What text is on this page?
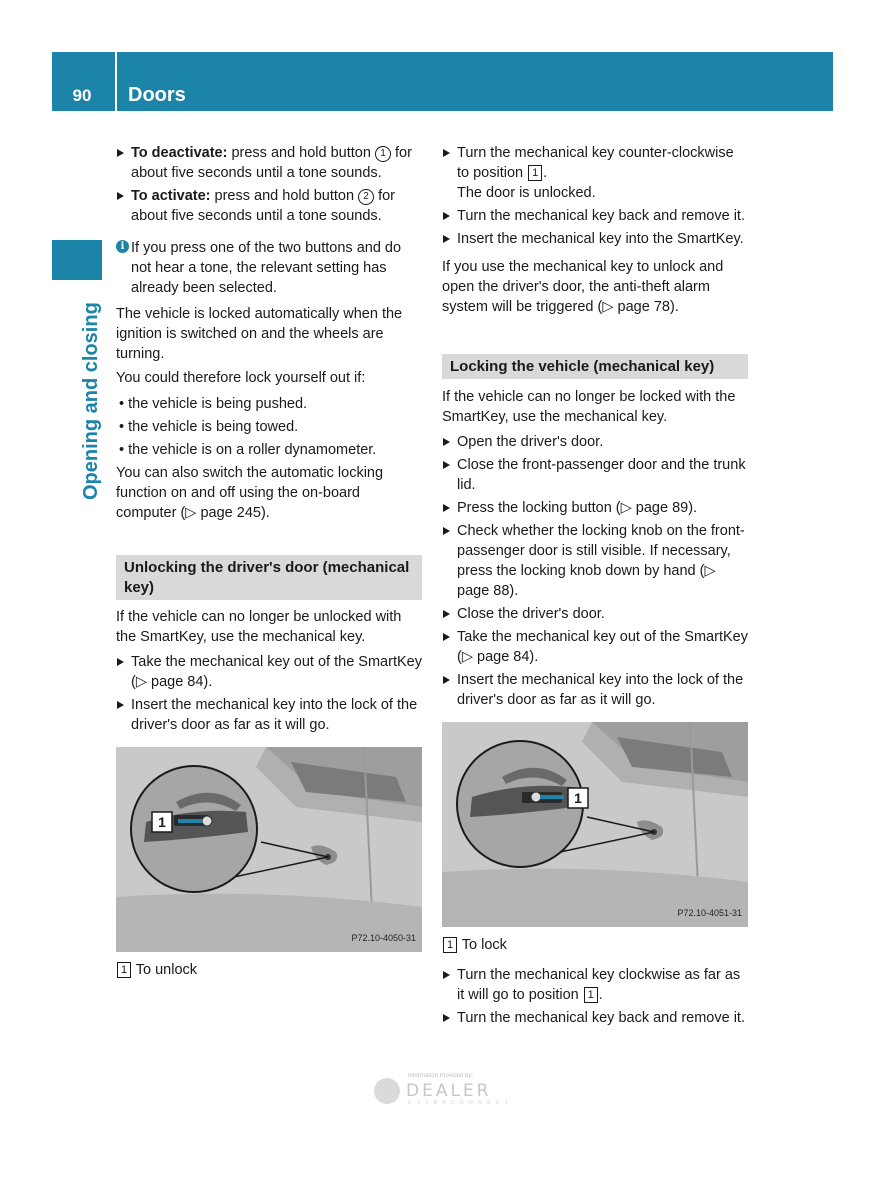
90	Doors
Opening and closing
To deactivate: press and hold button 1 for about five seconds until a tone sounds.
To activate: press and hold button 2 for about five seconds until a tone sounds.
i If you press one of the two buttons and do not hear a tone, the relevant setting has already been selected.
The vehicle is locked automatically when the ignition is switched on and the wheels are turning.
You could therefore lock yourself out if:
• the vehicle is being pushed.
• the vehicle is being towed.
• the vehicle is on a roller dynamometer.
You can also switch the automatic locking function on and off using the on-board computer (▷ page 245).
Unlocking the driver's door (mechanical key)
If the vehicle can no longer be unlocked with the SmartKey, use the mechanical key.
Take the mechanical key out of the SmartKey (▷ page 84).
Insert the mechanical key into the lock of the driver's door as far as it will go.
1
P72.10-4050-31
1 To unlock
Turn the mechanical key counter-clockwise to position 1 .
The door is unlocked.
Turn the mechanical key back and remove it.
Insert the mechanical key into the SmartKey.
If you use the mechanical key to unlock and open the driver's door, the anti-theft alarm system will be triggered (▷ page 78).
Locking the vehicle (mechanical key)
If the vehicle can no longer be locked with the SmartKey, use the mechanical key.
Open the driver's door.
Close the front-passenger door and the trunk lid.
Press the locking button (▷ page 89).
Check whether the locking knob on the front-passenger door is still visible. If necessary, press the locking knob down by hand (▷ page 88).
Close the driver's door.
Take the mechanical key out of the SmartKey (▷ page 84).
Insert the mechanical key into the lock of the driver's door as far as it will go.
1
P72.10-4051-31
1 To lock
Turn the mechanical key clockwise as far as it will go to position 1 .
Turn the mechanical key back and remove it.
Information Provided by:
DEALER
E X T R A C O N N E C T
